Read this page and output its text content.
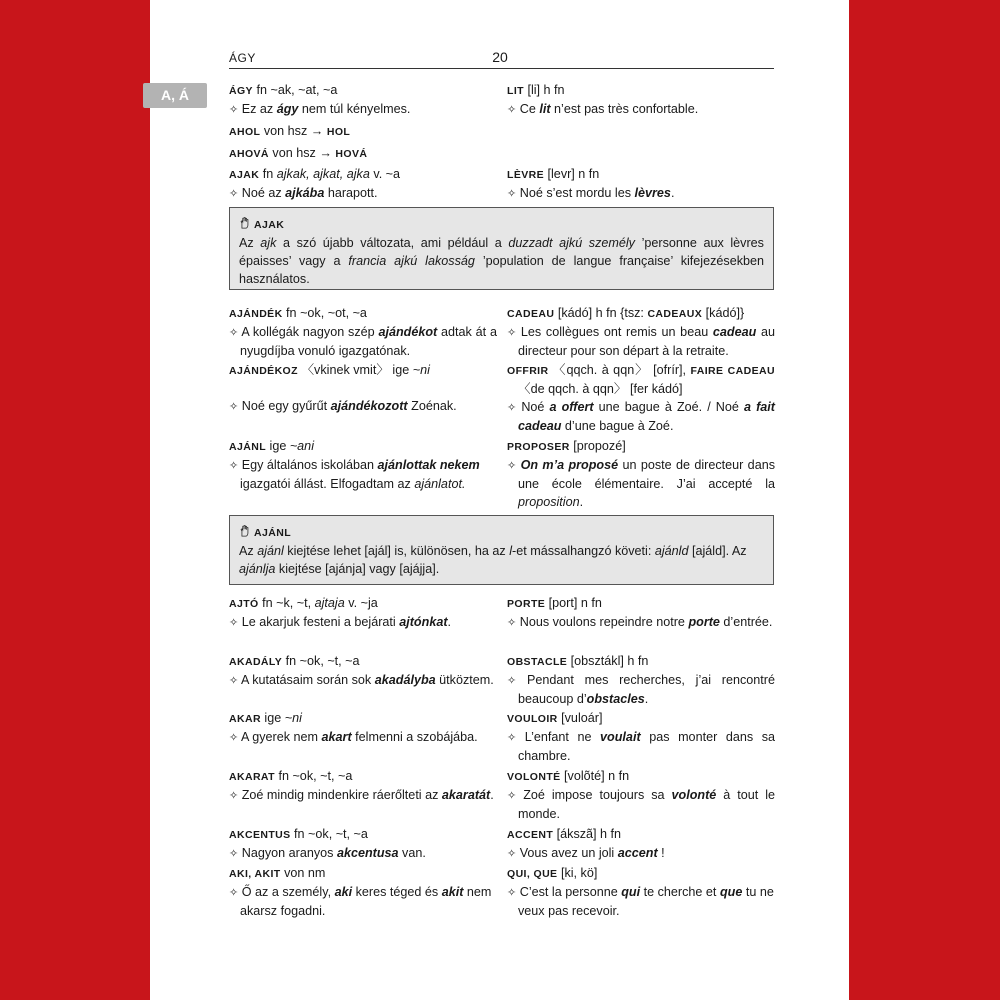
A, Á
ÁGY	20
ÁGY fn ~ak, ~at, ~a
✧ Ez az ágy nem túl kényelmes.
LIT [li] h fn
✧ Ce lit n’est pas très confortable.
AHOL von hsz → HOL
AHOVÁ von hsz → HOVÁ
AJAK fn ajkak, ajkat, ajka v. ~a
✧ Noé az ajkába harapott.
LÈVRE [levr] n fn
✧ Noé s’est mordu les lèvres.
AJAK
Az ajk a szó újabb változata, ami például a duzzadt ajkú személy ’personne aux lèvres épaisses’ vagy a francia ajkú lakosság ’population de langue française’ kifejezésekben használatos.
AJÁNDÉK fn ~ok, ~ot, ~a
✧ A kollégák nagyon szép ajándékot adtak át a nyugdíjba vonuló igazgatónak.
CADEAU [kádó] h fn {tsz: CADEAUX [kádó]}
✧ Les collègues ont remis un beau cadeau au directeur pour son départ à la retraite.
AJÁNDÉKOZ 〈vkinek vmit〉 ige ~ni
✧ Noé egy gyűrűt ajándékozott Zoénak.
OFFRIR 〈qqch. à qqn〉 [ofrír], FAIRE CADEAU 〈de qqch. à qqn〉 [fer kádó]
✧ Noé a offert une bague à Zoé. / Noé a fait cadeau d’une bague à Zoé.
AJÁNL ige ~ani
✧ Egy általános iskolában ajánlottak nekem igazgatói állást. Elfogadtam az ajánlatot.
PROPOSER [propozé]
✧ On m’a proposé un poste de directeur dans une école élémentaire. J’ai accepté la proposition.
AJÁNL
Az ajánl kiejtése lehet [ajál] is, különösen, ha az l-et mássalhangzó követi: ajánld [ajáld]. Az ajánlja kiejtése [ajánja] vagy [ajájja].
AJTÓ fn ~k, ~t, ajtaja v. ~ja
✧ Le akarjuk festeni a bejárati ajtónkat.
PORTE [port] n fn
✧ Nous voulons repeindre notre porte d’entrée.
AKADÁLY fn ~ok, ~t, ~a
✧ A kutatásaim során sok akadályba ütköztem.
OBSTACLE [obsztákl] h fn
✧ Pendant mes recherches, j’ai rencontré beaucoup d’obstacles.
AKAR ige ~ni
✧ A gyerek nem akart felmenni a szobájába.
VOULOIR [vuloár]
✧ L’enfant ne voulait pas monter dans sa chambre.
AKARAT fn ~ok, ~t, ~a
✧ Zoé mindig mindenkire ráerőlteti az akaratát.
VOLONTÉ [volõté] n fn
✧ Zoé impose toujours sa volonté à tout le monde.
AKCENTUS fn ~ok, ~t, ~a
✧ Nagyon aranyos akcentusa van.
ACCENT [ákszã] h fn
✧ Vous avez un joli accent !
AKI, AKIT von nm
✧ Ő az a személy, aki keres téged és akit nem akarsz fogadni.
QUI, QUE [ki, kö]
✧ C’est la personne qui te cherche et que tu ne veux pas recevoir.
